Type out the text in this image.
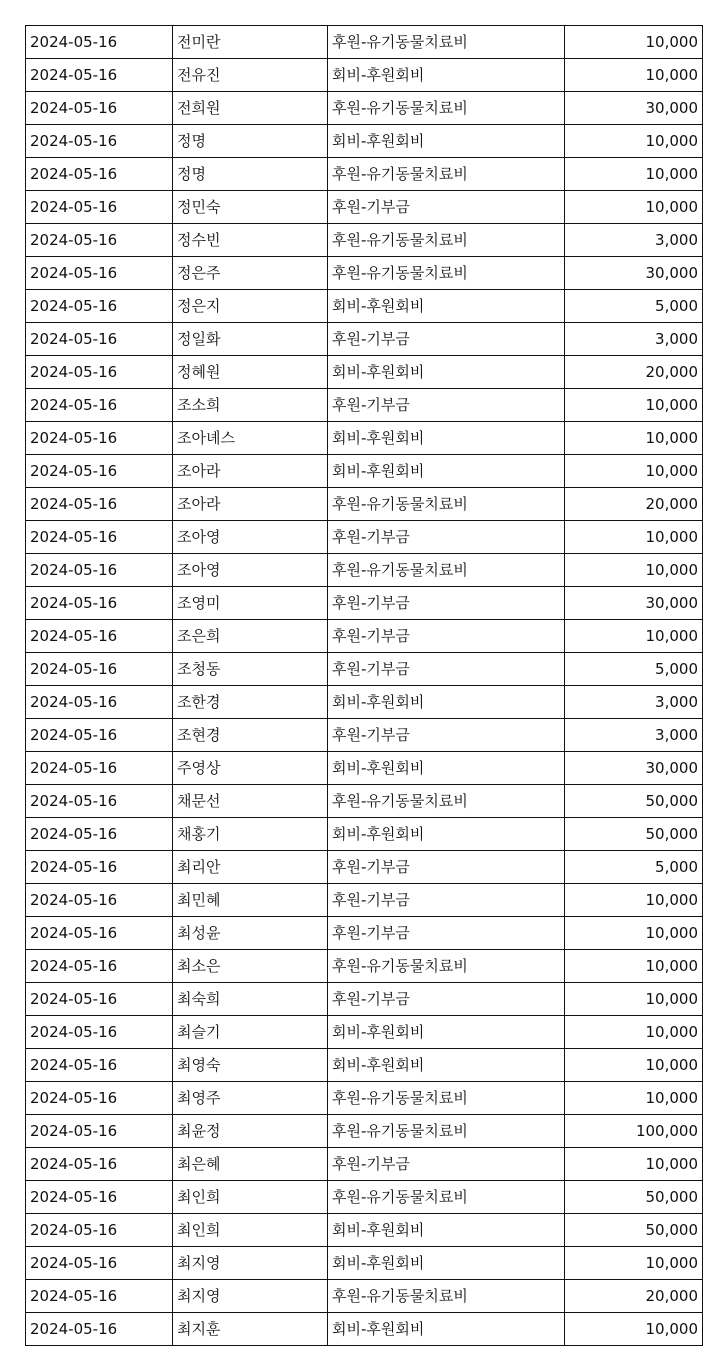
2024-05-16	전미란	후원-유기동물치료비	10,000
2024-05-16	전유진	회비-후원회비	10,000
2024-05-16	전희원	후원-유기동물치료비	30,000
2024-05-16	정명	회비-후원회비	10,000
2024-05-16	정명	후원-유기동물치료비	10,000
2024-05-16	정민숙	후원-기부금	10,000
2024-05-16	정수빈	후원-유기동물치료비	3,000
2024-05-16	정은주	후원-유기동물치료비	30,000
2024-05-16	정은지	회비-후원회비	5,000
2024-05-16	정일화	후원-기부금	3,000
2024-05-16	정혜원	회비-후원회비	20,000
2024-05-16	조소희	후원-기부금	10,000
2024-05-16	조아녜스	회비-후원회비	10,000
2024-05-16	조아라	회비-후원회비	10,000
2024-05-16	조아라	후원-유기동물치료비	20,000
2024-05-16	조아영	후원-기부금	10,000
2024-05-16	조아영	후원-유기동물치료비	10,000
2024-05-16	조영미	후원-기부금	30,000
2024-05-16	조은희	후원-기부금	10,000
2024-05-16	조청동	후원-기부금	5,000
2024-05-16	조한경	회비-후원회비	3,000
2024-05-16	조현경	후원-기부금	3,000
2024-05-16	주영상	회비-후원회비	30,000
2024-05-16	채문선	후원-유기동물치료비	50,000
2024-05-16	채홍기	회비-후원회비	50,000
2024-05-16	최리안	후원-기부금	5,000
2024-05-16	최민혜	후원-기부금	10,000
2024-05-16	최성윤	후원-기부금	10,000
2024-05-16	최소은	후원-유기동물치료비	10,000
2024-05-16	최숙희	후원-기부금	10,000
2024-05-16	최슬기	회비-후원회비	10,000
2024-05-16	최영숙	회비-후원회비	10,000
2024-05-16	최영주	후원-유기동물치료비	10,000
2024-05-16	최윤정	후원-유기동물치료비	100,000
2024-05-16	최은혜	후원-기부금	10,000
2024-05-16	최인희	후원-유기동물치료비	50,000
2024-05-16	최인희	회비-후원회비	50,000
2024-05-16	최지영	회비-후원회비	10,000
2024-05-16	최지영	후원-유기동물치료비	20,000
2024-05-16	최지훈	회비-후원회비	10,000
